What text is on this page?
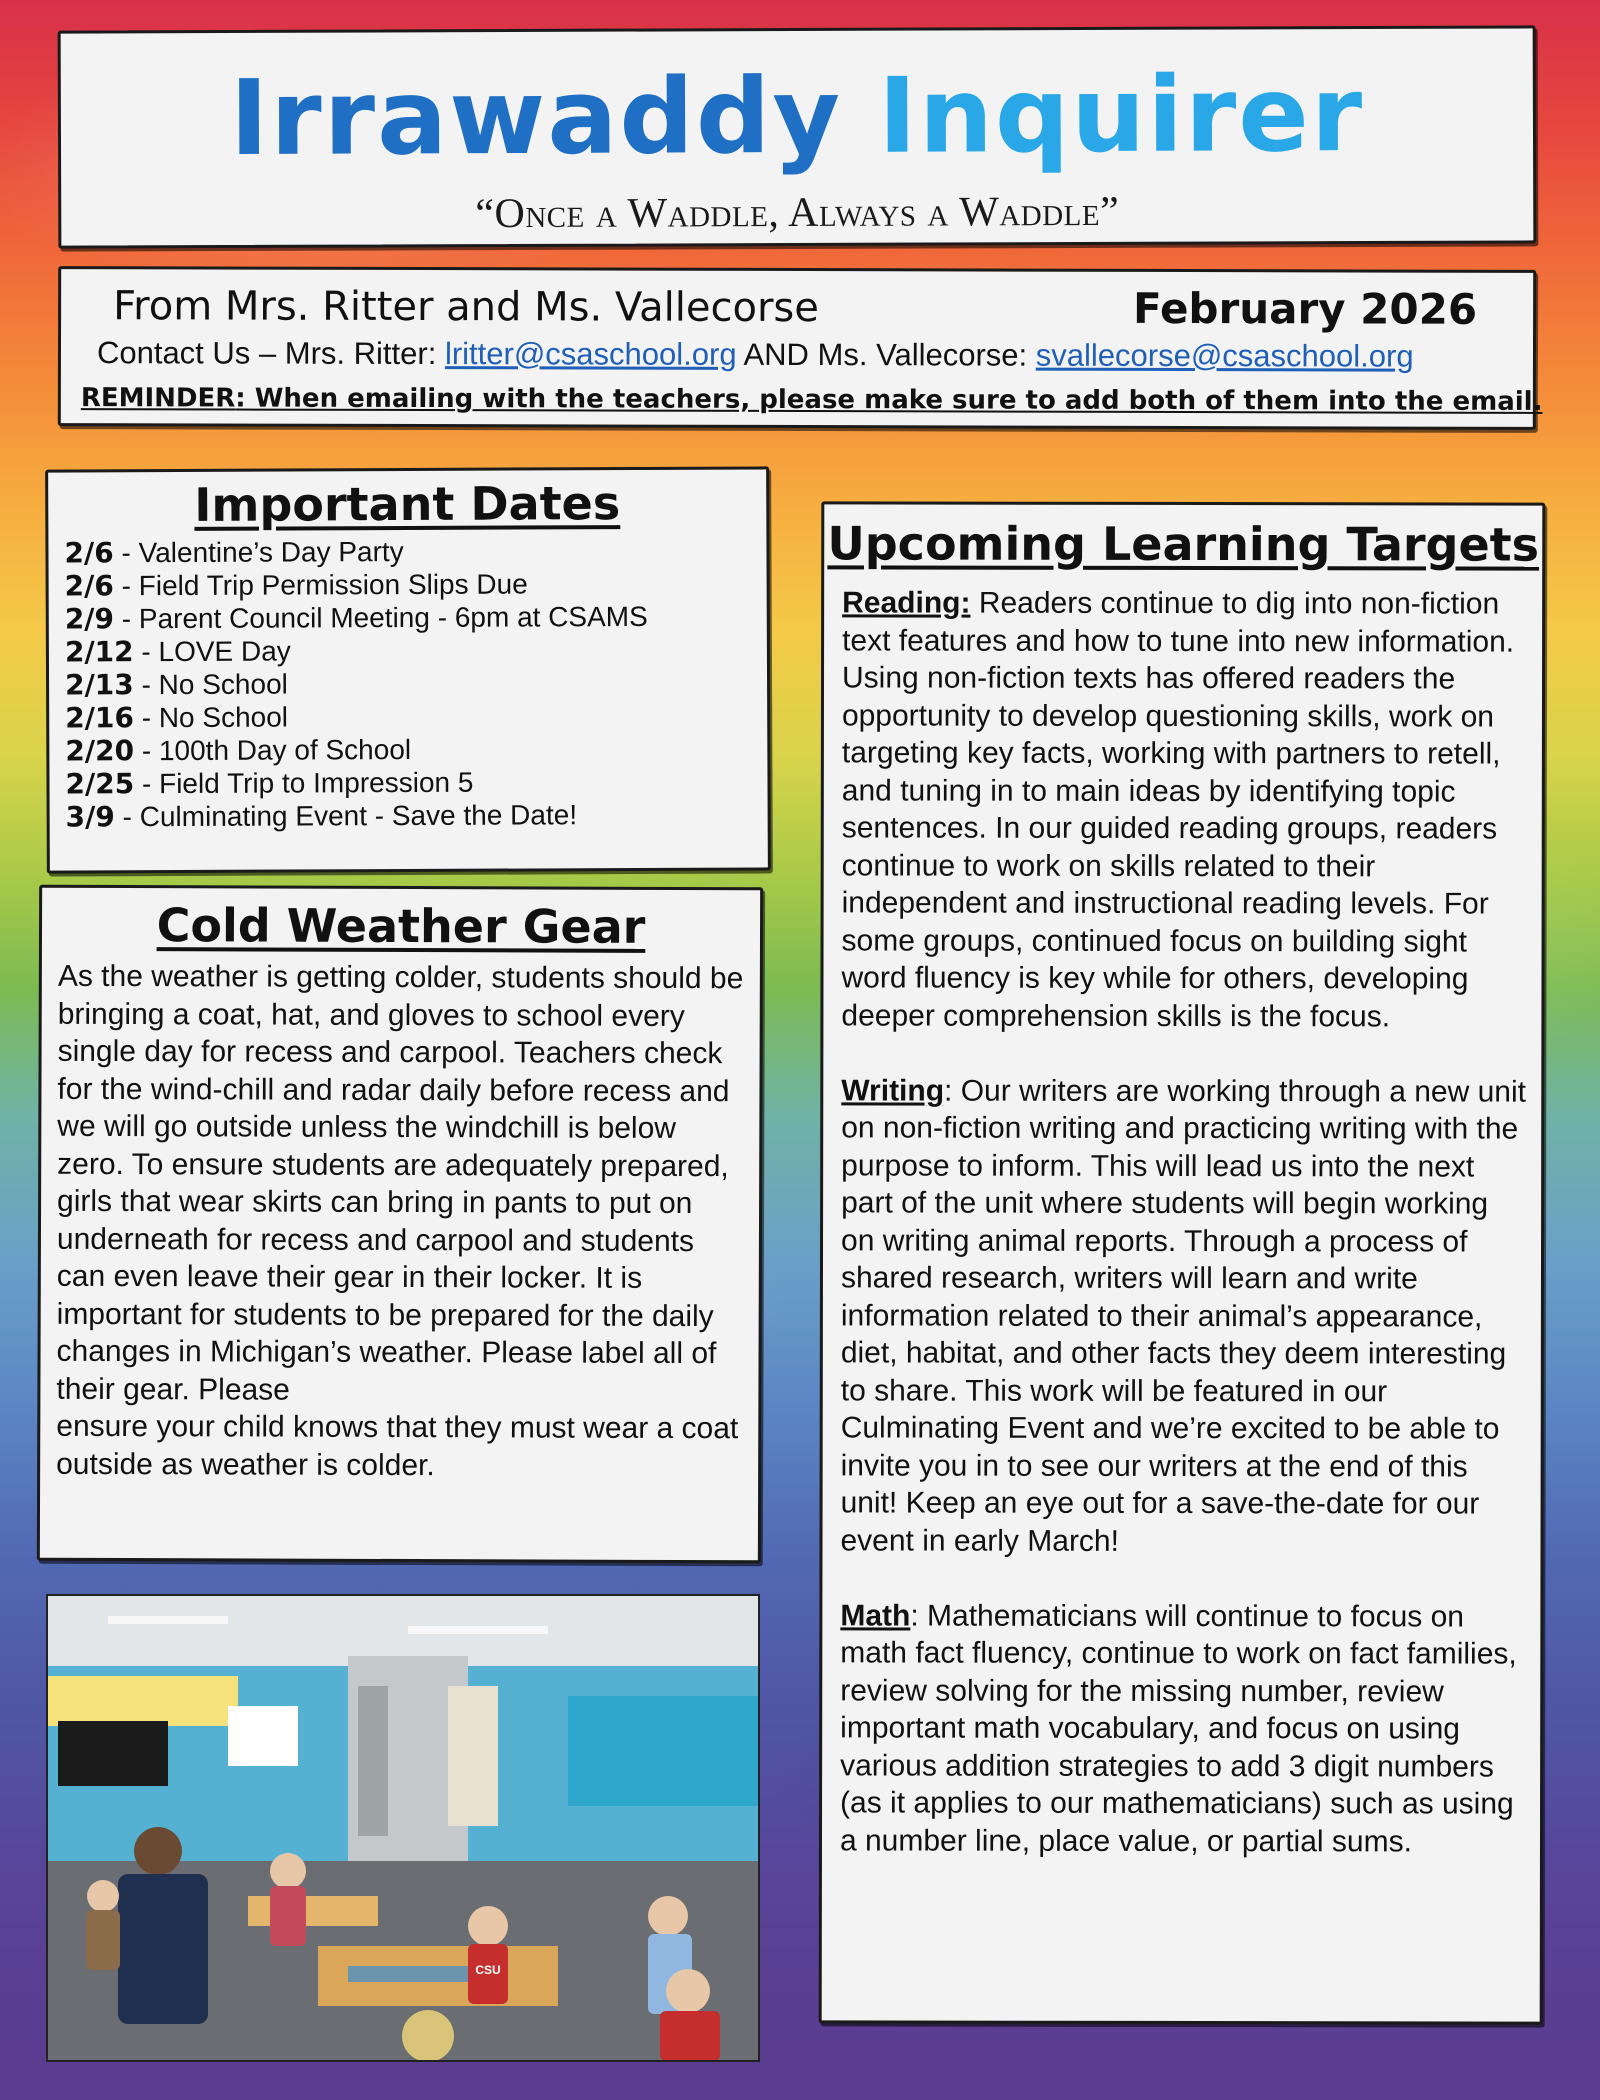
Irrawaddy Inquirer
“Once a Waddle, Always a Waddle”
From Mrs. Ritter and Ms. Vallecorse	February 2026
Contact Us – Mrs. Ritter: lritter@csaschool.org AND Ms. Vallecorse: svallecorse@csaschool.org
REMINDER: When emailing with the teachers, please make sure to add both of them into the email.
Important Dates
2/6 - Valentine’s Day Party
2/6 - Field Trip Permission Slips Due
2/9 - Parent Council Meeting - 6pm at CSAMS
2/12 - LOVE Day
2/13 - No School
2/16 - No School
2/20 - 100th Day of School
2/25 - Field Trip to Impression 5
3/9 - Culminating Event - Save the Date!
Cold Weather Gear

As the weather is getting colder, students should be bringing a coat, hat, and gloves to school every single day for recess and carpool. Teachers check for the wind-chill and radar daily before recess and we will go outside unless the windchill is below zero. To ensure students are adequately prepared, girls that wear skirts can bring in pants to put on underneath for recess and carpool and students can even leave their gear in their locker. It is important for students to be prepared for the daily changes in Michigan’s weather. Please label all of their gear. Please
ensure your child knows that they must wear a coat outside as weather is colder.

Upcoming Learning Targets

Reading: Readers continue to dig into non-fiction text features and how to tune into new information. Using non-fiction texts has offered readers the opportunity to develop questioning skills, work on targeting key facts, working with partners to retell, and tuning in to main ideas by identifying topic sentences. In our guided reading groups, readers continue to work on skills related to their independent and instructional reading levels. For some groups, continued focus on building sight word fluency is key while for others, developing deeper comprehension skills is the focus.

Writing: Our writers are working through a new unit on non-fiction writing and practicing writing with the purpose to inform. This will lead us into the next part of the unit where students will begin working on writing animal reports. Through a process of shared research, writers will learn and write information related to their animal’s appearance, diet, habitat, and other facts they deem interesting to share. This work will be featured in our Culminating Event and we’re excited to be able to invite you in to see our writers at the end of this unit! Keep an eye out for a save-the-date for our event in early March!

Math: Mathematicians will continue to focus on math fact fluency, continue to work on fact families, review solving for the missing number, review important math vocabulary, and focus on using various addition strategies to add 3 digit numbers (as it applies to our mathematicians) such as using a number line, place value, or partial sums.

CSU
